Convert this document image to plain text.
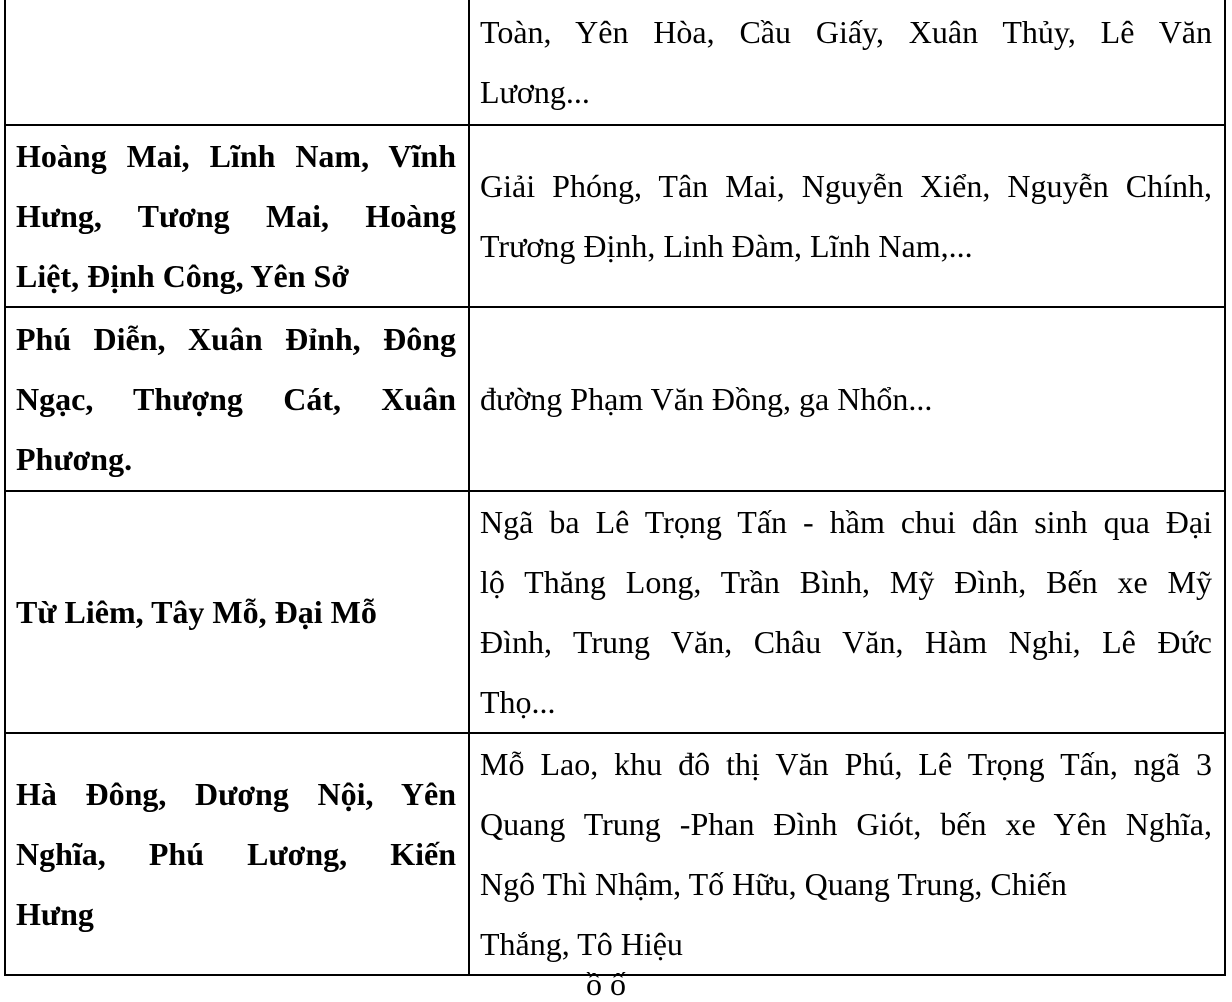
	Toàn, Yên Hòa, Cầu Giấy, Xuân Thủy, Lê Văn
Lương...

Hoàng Mai, Lĩnh Nam, Vĩnh
Hưng, Tương Mai, Hoàng
Liệt, Định Công, Yên Sở	Giải Phóng, Tân Mai, Nguyễn Xiển, Nguyễn Chính,
Trương Định, Linh Đàm, Lĩnh Nam,...

Phú Diễn, Xuân Đỉnh, Đông
Ngạc, Thượng Cát, Xuân
Phương.	đường Phạm Văn Đồng, ga Nhổn...

Từ Liêm, Tây Mỗ, Đại Mỗ	Ngã ba Lê Trọng Tấn - hầm chui dân sinh qua Đại
lộ Thăng Long, Trần Bình, Mỹ Đình, Bến xe Mỹ
Đình, Trung Văn, Châu Văn, Hàm Nghi, Lê Đức
Thọ...

Hà Đông, Dương Nội, Yên
Nghĩa, Phú Lương, Kiến
Hưng	Mỗ Lao, khu đô thị Văn Phú, Lê Trọng Tấn, ngã 3
Quang Trung -Phan Đình Giót, bến xe Yên Nghĩa,
Ngô Thì Nhậm, Tố Hữu, Quang Trung, Chiến
Thắng, Tô Hiệu
ồ ố
